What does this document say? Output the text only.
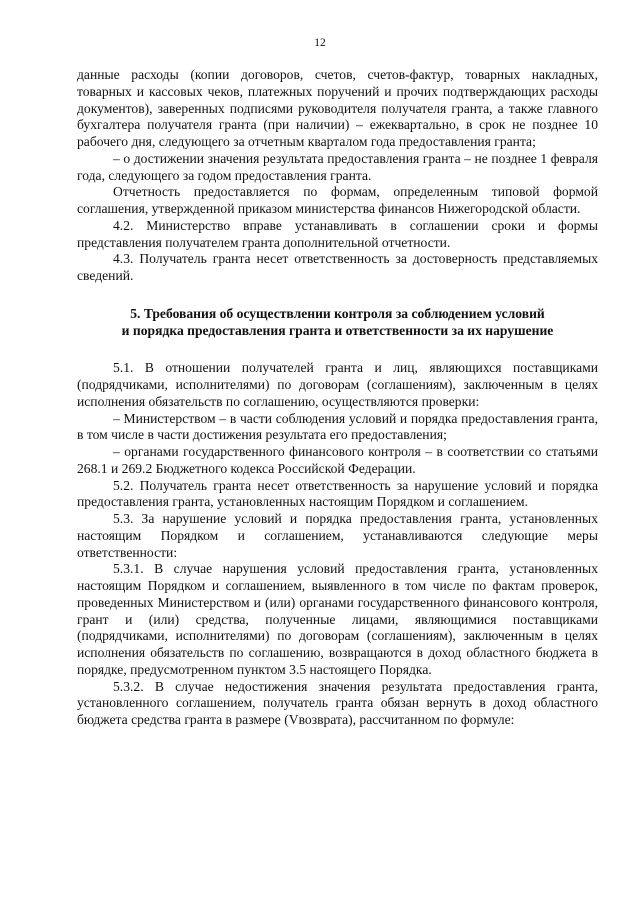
12

данные расходы (копии договоров, счетов, счетов-фактур, товарных накладных, товарных и кассовых чеков, платежных поручений и прочих подтверждающих расходы документов), заверенных подписями руководителя получателя гранта, а также главного бухгалтера получателя гранта (при наличии) – ежеквартально, в срок не позднее 10 рабочего дня, следующего за отчетным кварталом года предоставления гранта;

– о достижении значения результата предоставления гранта – не позднее 1 февраля года, следующего за годом предоставления гранта.

Отчетность предоставляется по формам, определенным типовой формой соглашения, утвержденной приказом министерства финансов Нижегородской области.

4.2. Министерство вправе устанавливать в соглашении сроки и формы представления получателем гранта дополнительной отчетности.

4.3. Получатель гранта несет ответственность за достоверность представляемых сведений.

5. Требования об осуществлении контроля за соблюдением условий

и порядка предоставления гранта и ответственности за их нарушение

5.1. В отношении получателей гранта и лиц, являющихся поставщиками (подрядчиками, исполнителями) по договорам (соглашениям), заключенным в целях исполнения обязательств по соглашению, осуществляются проверки:

– Министерством – в части соблюдения условий и порядка предоставления гранта, в том числе в части достижения результата его предоставления;

– органами государственного финансового контроля – в соответствии со статьями 268.1 и 269.2 Бюджетного кодекса Российской Федерации.

5.2. Получатель гранта несет ответственность за нарушение условий и порядка предоставления гранта, установленных настоящим Порядком и соглашением.

5.3. За нарушение условий и порядка предоставления гранта, установленных настоящим Порядком и соглашением, устанавливаются следующие меры ответственности:

5.3.1. В случае нарушения условий предоставления гранта, установленных настоящим Порядком и соглашением, выявленного в том числе по фактам проверок, проведенных Министерством и (или) органами государственного финансового контроля, грант и (или) средства, полученные лицами, являющимися поставщиками (подрядчиками, исполнителями) по договорам (соглашениям), заключенным в целях исполнения обязательств по соглашению, возвращаются в доход областного бюджета в порядке, предусмотренном пунктом 3.5 настоящего Порядка.

5.3.2. В случае недостижения значения результата предоставления гранта, установленного соглашением, получатель гранта обязан вернуть в доход областного бюджета средства гранта в размере (Vвозврата), рассчитанном по формуле:
